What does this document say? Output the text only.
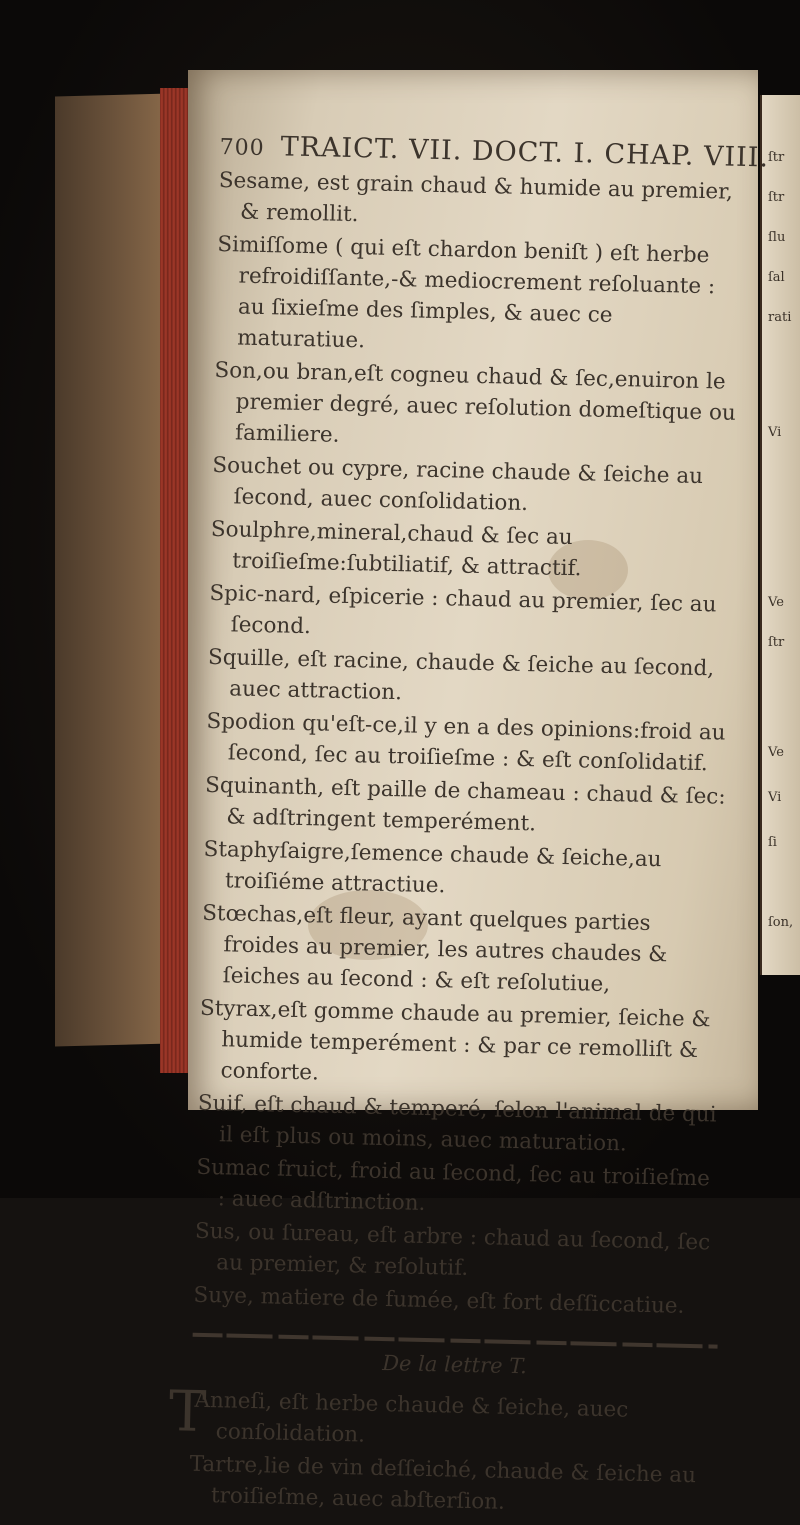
ſtr
ſtr
ſlu
ſal
rati
Vi
Ve
ſtr
Ve
Vi
ſi
ſon,
700 TRAICT. VII. DOCT. I. CHAP. VIII.

Sesame, est grain chaud & humide au premier, & remollit.

Simiſſome ( qui eſt chardon beniſt ) eſt herbe refroidiſſante,-& mediocrement reſoluante : au ſixieſme des ſimples, & auec ce maturatiue.

Son,ou bran,eſt cogneu chaud & ſec,enuiron le premier degré, auec reſolution domeſtique ou familiere.

Souchet ou cypre, racine chaude & ſeiche au ſecond, auec conſolidation.

Soulphre,mineral,chaud & ſec au troiſieſme:ſubtiliatif, & attractif.

Spic-nard, eſpicerie : chaud au premier, ſec au ſecond.

Squille, eſt racine, chaude & ſeiche au ſecond, auec attraction.

Spodion qu'eſt-ce,il y en a des opinions:froid au ſecond, ſec au troiſieſme : & eſt conſolidatif.

Squinanth, eſt paille de chameau : chaud & ſec: & adſtringent temperément.

Staphyſaigre,ſemence chaude & ſeiche,au troiſiéme attractiue.

Stœchas,eſt fleur, ayant quelques parties froides au premier, les autres chaudes & ſeiches au ſecond : & eſt reſolutiue,

Styrax,eſt gomme chaude au premier, ſeiche & humide temperément : & par ce remolliſt & conforte.

Suif, eſt chaud & temperé, ſelon l'animal de qui il eſt plus ou moins, auec maturation.

Sumac fruict, froid au ſecond, ſec au troiſieſme : auec adſtrinction.

Sus, ou ſureau, eſt arbre : chaud au ſecond, ſec au premier, & reſolutif.

Suye, matiere de fumée, eſt fort deſſiccatiue.

De la lettre T.

T
Anneſi, eſt herbe chaude & ſeiche, auec conſolidation.

Tartre,lie de vin deſſeiché, chaude & ſeiche au troiſieſme, auec abſterſion.
